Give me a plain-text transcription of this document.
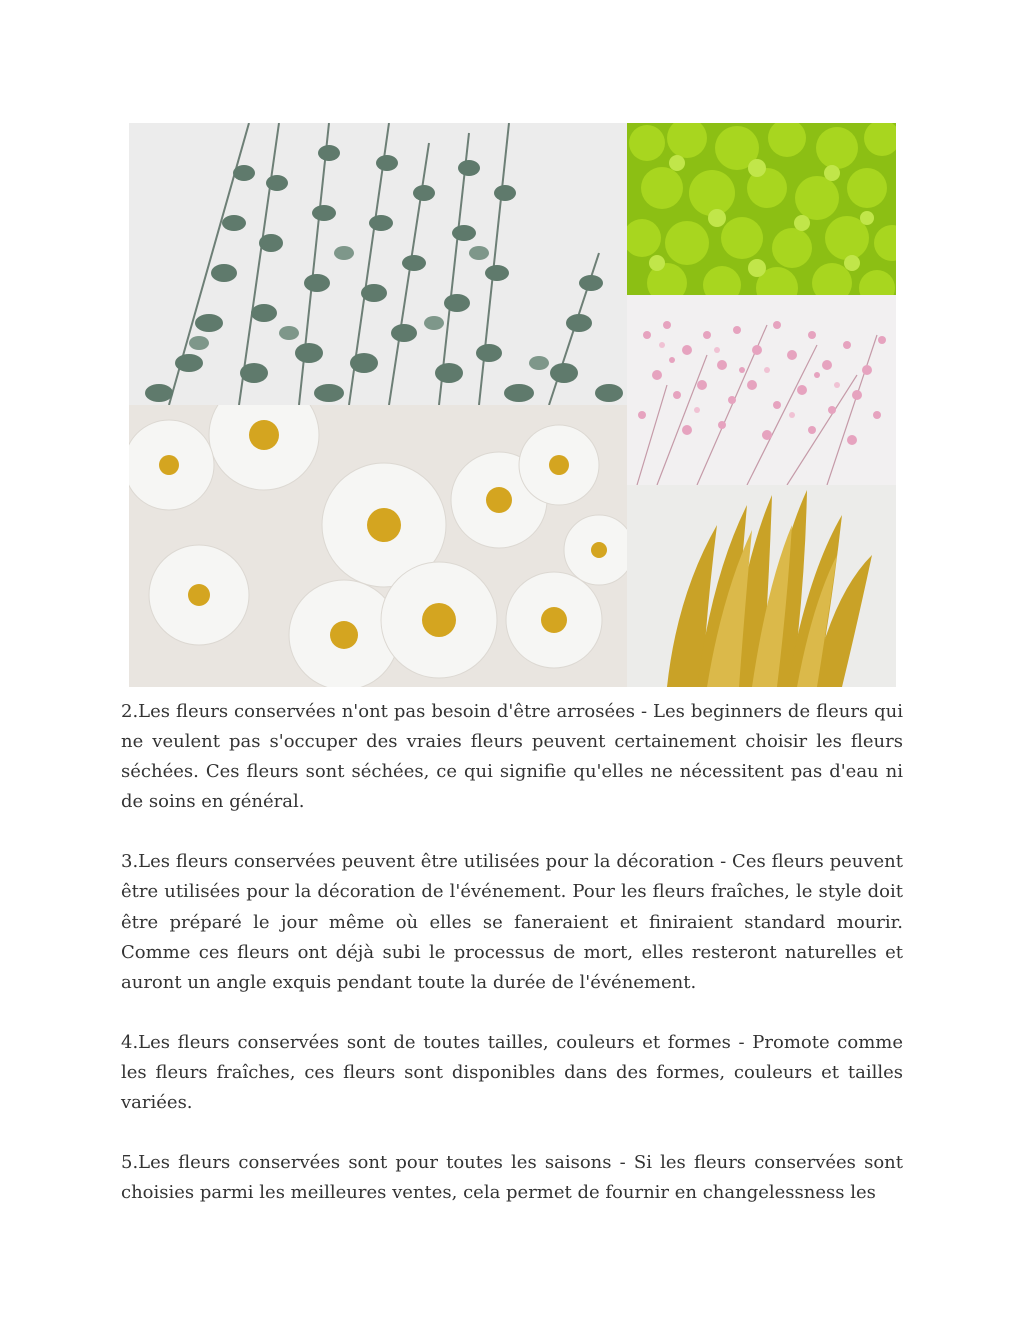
2.Les fleurs conservées n'ont pas besoin d'être arrosées - Les beginners de fleurs qui ne veulent pas s'occuper des vraies fleurs peuvent certainement choisir les fleurs séchées. Ces fleurs sont séchées, ce qui signifie qu'elles ne nécessitent pas d'eau ni de soins en général.

3.Les fleurs conservées peuvent être utilisées pour la décoration - Ces fleurs peuvent être utilisées pour la décoration de l'événement. Pour les fleurs fraîches, le style doit être préparé le jour même où elles se faneraient et finiraient standard mourir. Comme ces fleurs ont déjà subi le processus de mort, elles resteront naturelles et auront un angle exquis pendant toute la durée de l'événement.

4.Les fleurs conservées sont de toutes tailles, couleurs et formes - Promote comme les fleurs fraîches, ces fleurs sont disponibles dans des formes, couleurs et tailles variées.

5.Les fleurs conservées sont pour toutes les saisons - Si les fleurs conservées sont choisies parmi les meilleures ventes, cela permet de fournir en changelessness les
